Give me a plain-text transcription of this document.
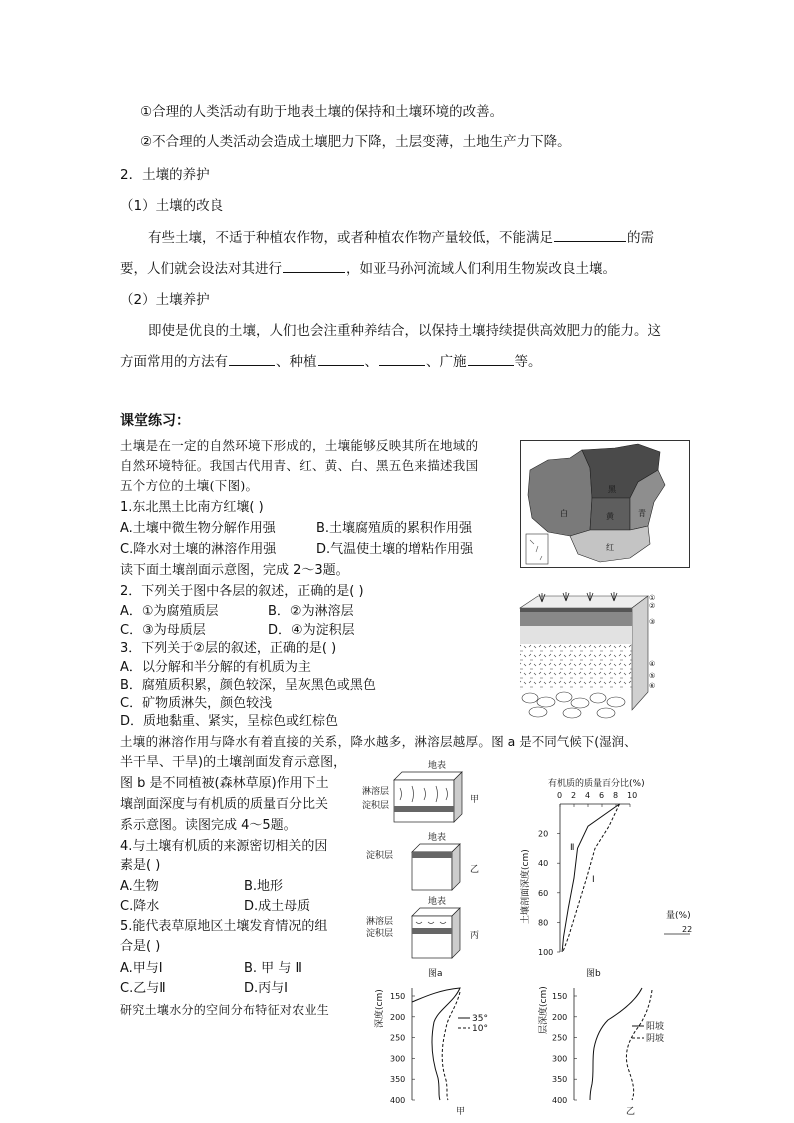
①合理的人类活动有助于地表土壤的保持和土壤环境的改善。
②不合理的人类活动会造成土壤肥力下降，土层变薄，土地生产力下降。
2．土壤的养护
（1）土壤的改良
有些土壤，不适于种植农作物，或者种植农作物产量较低，不能满足	的需
要，人们就会设法对其进行	，如亚马孙河流域人们利用生物炭改良土壤。
（2）土壤养护
即使是优良的土壤，人们也会注重种养结合，以保持土壤持续提供高效肥力的能力。这
方面常用的方法有	、种植	、	、广施	等。
课堂练习：
土壤是在一定的自然环境下形成的，土壤能够反映其所在地域的
自然环境特征。我国古代用青、红、黄、白、黑五色来描述我国
五个方位的土壤(下图)。
1.东北黑土比南方红壤( )
A.土壤中微生物分解作用强	B.土壤腐殖质的累积作用强
C.降水对土壤的淋溶作用强	D.气温使土壤的增粘作用强
读下面土壤剖面示意图，完成 2～3题。
2．下列关于图中各层的叙述，正确的是( )
A．①为腐殖质层	B．②为淋溶层
C．③为母质层	D．④为淀积层
3．下列关于②层的叙述，正确的是( )
A．以分解和半分解的有机质为主
B．腐殖质积累，颜色较深，呈灰黑色或黑色
C．矿物质淋失，颜色较浅
D．质地黏重、紧实，呈棕色或红棕色
土壤的淋溶作用与降水有着直接的关系，降水越多，淋溶层越厚。图 a 是不同气候下(湿润、
半干旱、干旱)的土壤剖面发育示意图，
图 b 是不同植被(森林草原)作用下土
壤剖面深度与有机质的质量百分比关
系示意图。读图完成 4～5题。
4.与土壤有机质的来源密切相关的因
素是( )
A.生物	B.地形
C.降水	D.成土母质
5.能代表草原地区土壤发育情况的组
合是( )
A.甲与Ⅰ	B. 甲 与 Ⅱ
C.乙与Ⅱ	D.丙与Ⅰ
研究土壤水分的空间分布特征对农业生
黑
白	黄	青
红
①
②
③
④
⑤
⑥
地表
淋溶层
淀积层
甲
地表
淀积层
乙
地表
淋溶层
淀积层	丙
图a
有机质的质量百分比(%)
0 2 4 6 8 10
20
40
60
80
100
土壤剖面深度(cm)
Ⅱ
Ⅰ
量(%)
22
图b
深度(cm) 150
200
250
300
350
400
35°
10°
甲
层深度(cm) 150
200
250
300
350
400
阳坡
阴坡
乙
